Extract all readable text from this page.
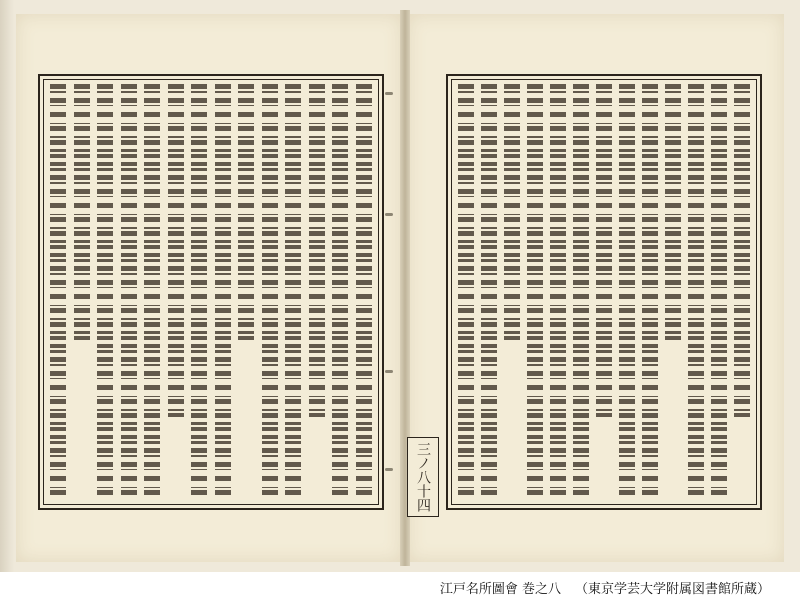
三ノ八十四
江戸名所圖會 巻之八 （東京学芸大学附属図書館所蔵）
